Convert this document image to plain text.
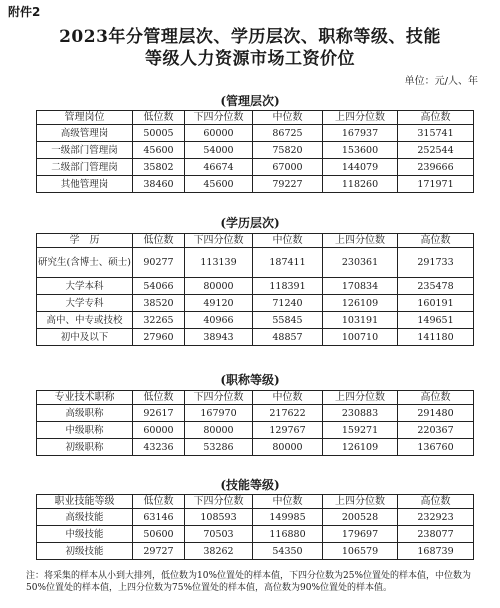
附件2
2023年分管理层次、学历层次、职称等级、技能
等级人力资源市场工资价位
单位：元/人、年
(管理层次)
管理岗位	低位数	下四分位数	中位数	上四分位数	高位数
高级管理岗	50005	60000	86725	167937	315741
一级部门管理岗	45600	54000	75820	153600	252544
二级部门管理岗	35802	46674	67000	144079	239666
其他管理岗	38460	45600	79227	118260	171971
(学历层次)
学　历	低位数	下四分位数	中位数	上四分位数	高位数
研究生(含博士、硕士)	90277	113139	187411	230361	291733
大学本科	54066	80000	118391	170834	235478
大学专科	38520	49120	71240	126109	160191
高中、中专或技校	32265	40966	55845	103191	149651
初中及以下	27960	38943	48857	100710	141180
(职称等级)
专业技术职称	低位数	下四分位数	中位数	上四分位数	高位数
高级职称	92617	167970	217622	230883	291480
中级职称	60000	80000	129767	159271	220367
初级职称	43236	53286	80000	126109	136760
(技能等级)
职业技能等级	低位数	下四分位数	中位数	上四分位数	高位数
高级技能	63146	108593	149985	200528	232923
中级技能	50600	70503	116880	179697	238077
初级技能	29727	38262	54350	106579	168739
注：将采集的样本从小到大排列，低位数为10%位置处的样本值，下四分位数为25%位置处的样本值，中位数为50%位置处的样本值，上四分位数为75%位置处的样本值，高位数为90%位置处的样本值。
